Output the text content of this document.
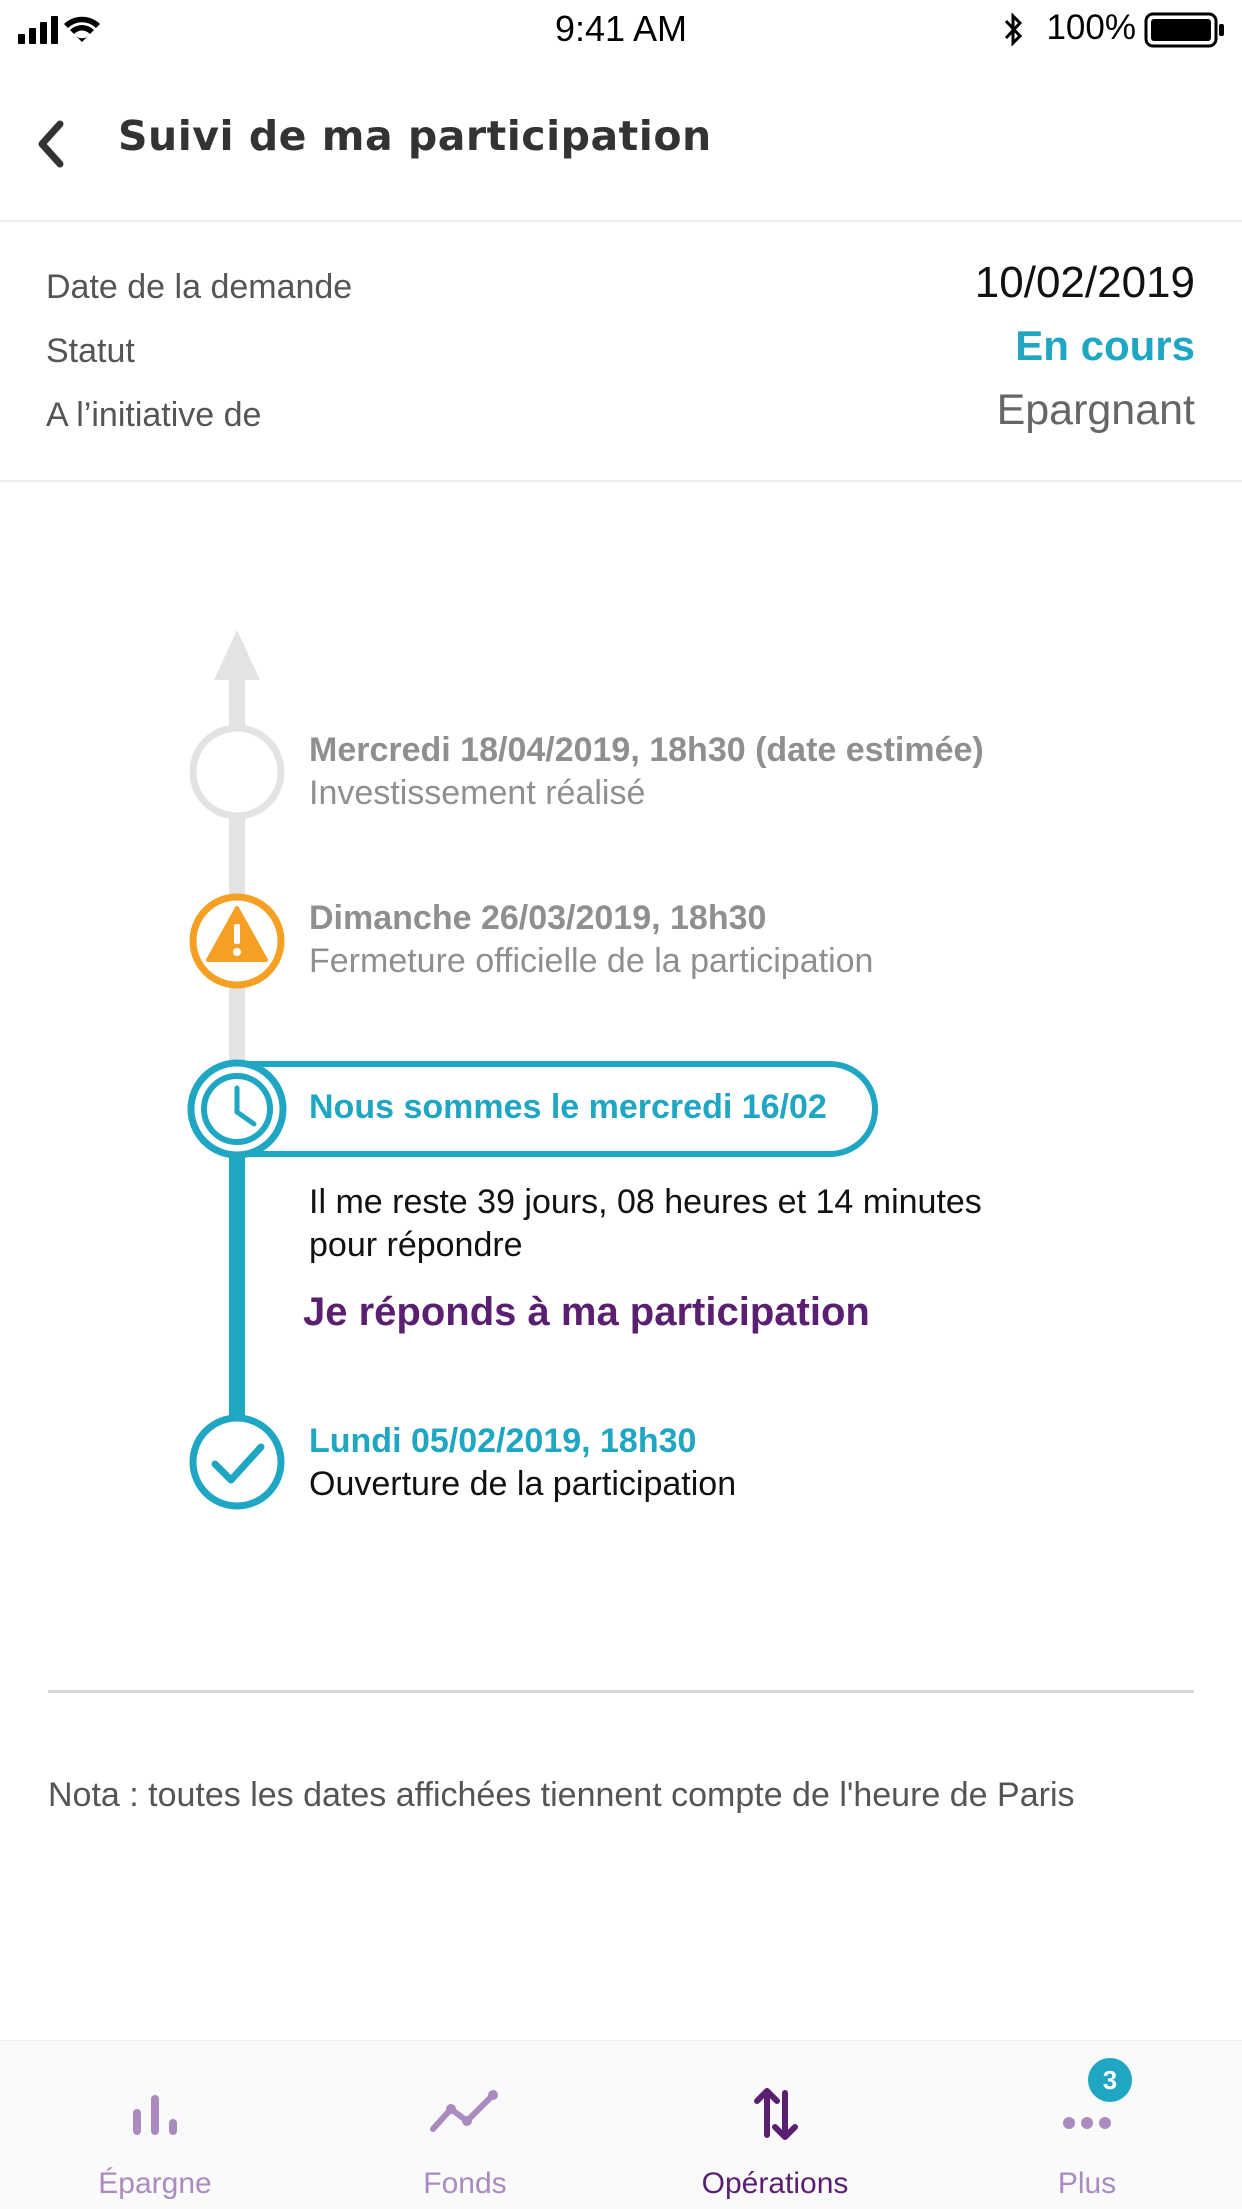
9:41 AM	100%
Suivi de ma participation
Date de la demande	10/02/2019
Statut	En cours
A l’initiative de	Epargnant
Mercredi 18/04/2019, 18h30 (date estimée)
Investissement réalisé
Dimanche 26/03/2019, 18h30
Fermeture officielle de la participation
Nous sommes le mercredi 16/02
Il me reste 39 jours, 08 heures et 14 minutes
pour répondre
Je réponds à ma participation
Lundi 05/02/2019, 18h30
Ouverture de la participation
Nota : toutes les dates affichées tiennent compte de l'heure de Paris
Épargne	Fonds	Opérations	Plus
3
